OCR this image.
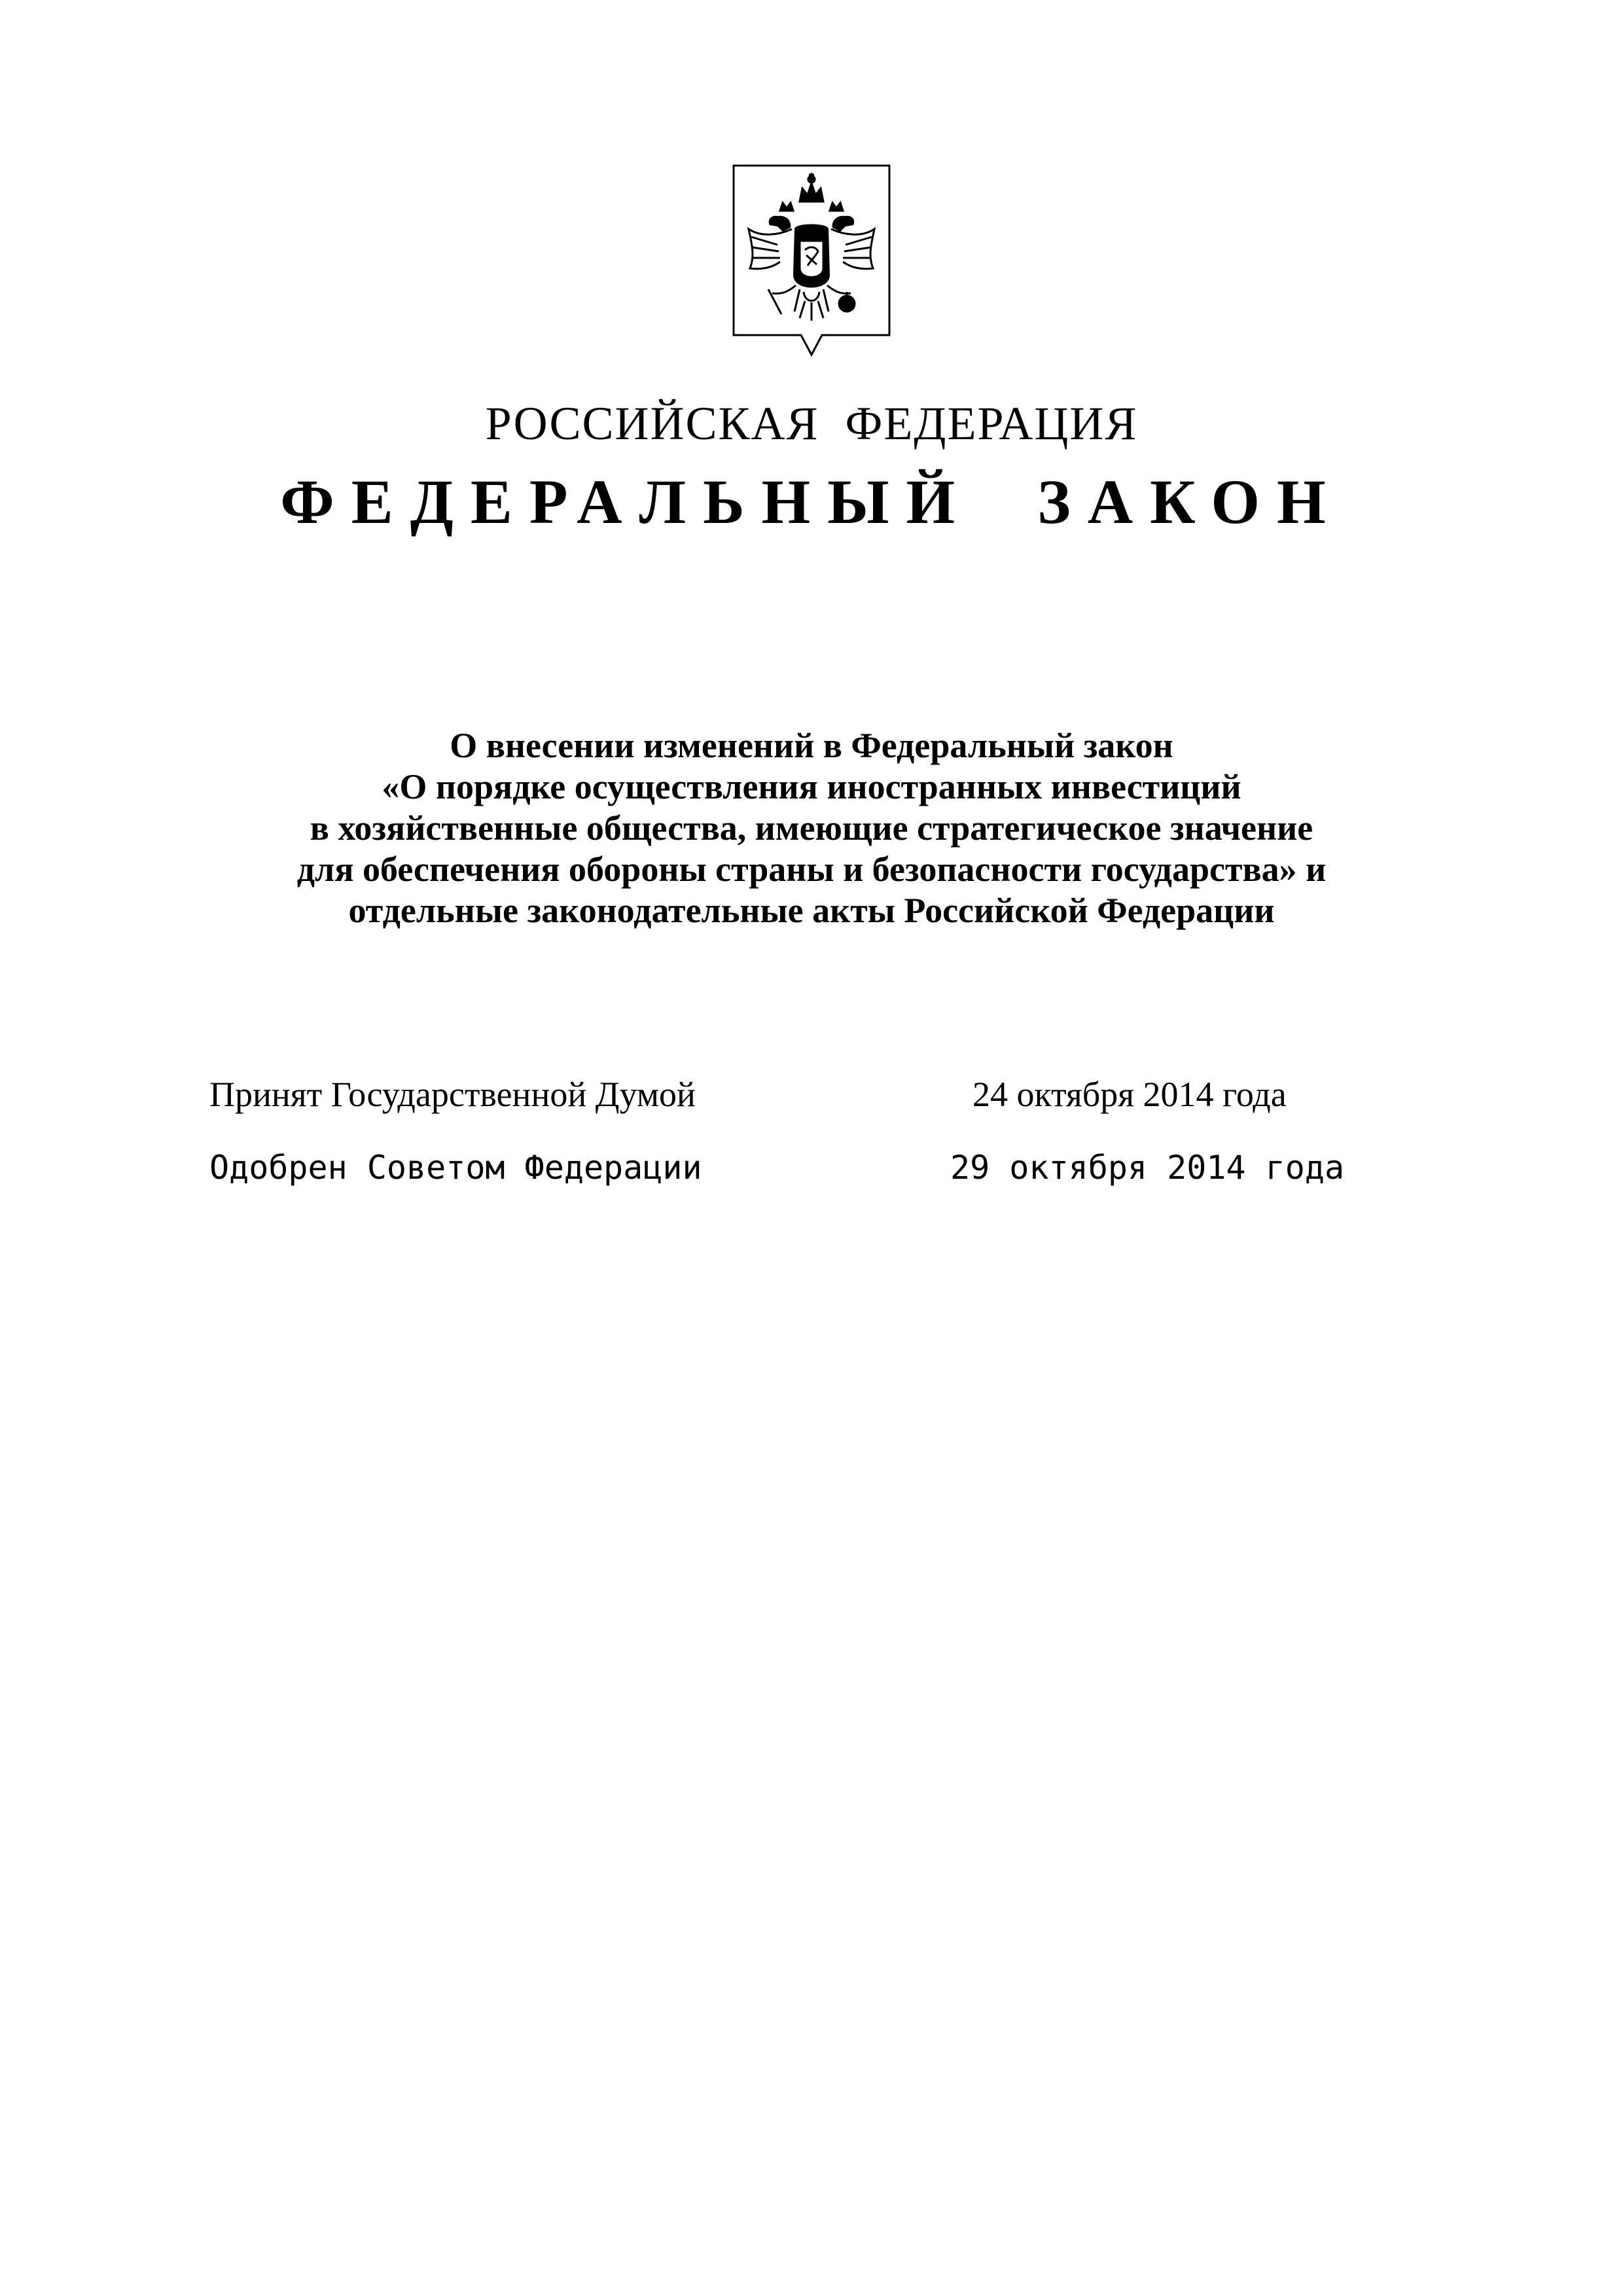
РОССИЙСКАЯ  ФЕДЕРАЦИЯ
ФЕДЕРАЛЬНЫЙ  ЗАКОН
О внесении изменений в Федеральный закон
«О порядке осуществления иностранных инвестиций
в хозяйственные общества, имеющие стратегическое значение
для обеспечения обороны страны и безопасности государства» и
отдельные законодательные акты Российской Федерации
Принят Государственной Думой	24 октября 2014 года
Одобрен Советом Федерации	29 октября 2014 года
